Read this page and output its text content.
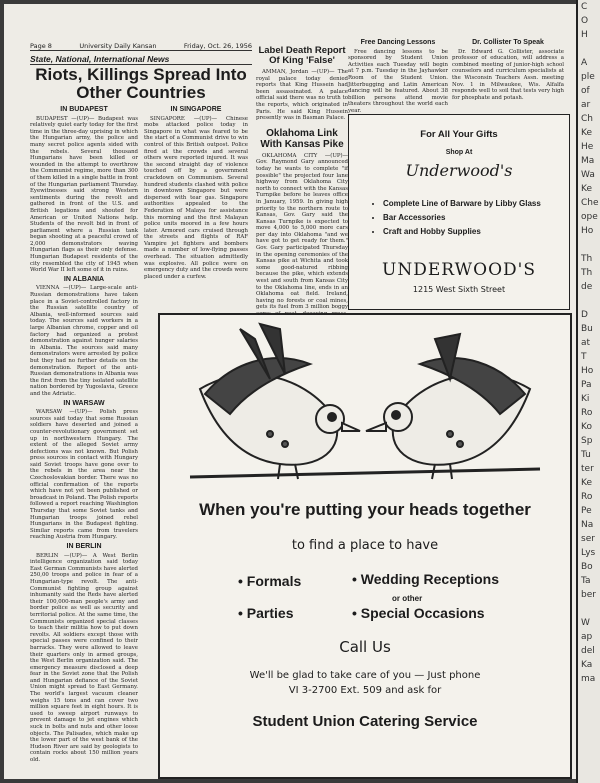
Page 8	University Daily Kansan	Friday, Oct. 26, 1956
State, National, International News
Riots, Killings Spread Into Other Countries
IN BUDAPEST

BUDAPEST —(UP)— Budapest was relatively quiet early today for the first time in the three-day uprising in which the Hungarian army, the police and many secret police agents sided with the rebels. Several thousand Hungarians have been killed or wounded in the attempt to overthrow the Communist regime, more than 300 of them killed in a single battle in front of the Hungarian parliament Thursday. Eyewitnesses said strong Western sentiments during the revolt and gathered in front of the U.S. and British legations and shouted for American or United Nations help. Students of the revolt bid in front of parliament where a Russian tank began shooting at a peaceful crowd of 2,000 demonstrators waving Hungarian flags as their only defense. Hungarian Budapest residents of the city resembled the city of 1945 when World War II left some of it in ruins.

IN ALBANIA

VIENNA —(UP)— Large-scale anti-Russian demonstrations have taken place in a Soviet-controlled factory in the Russian satellite country of Albania, well-informed sources said today. The sources said workers in a large Albanian chrome, copper and oil factory had organized a protest demonstration against hunger salaries in Albania. The sources said many demonstrators were arrested by police but they had no further details on the demonstration. Report of the anti-Russian demonstrations in Albania was the first from the tiny isolated satellite nation bordered by Yugoslavia, Greece and the Adriatic.

IN WARSAW

WARSAW —(UP)— Polish press sources said today that some Russian soldiers have deserted and joined a counter-revolutionary government set up in northwestern Hungary. The extent of the alleged Soviet army defections was not known. But Polish press sources in contact with Hungary said Soviet troops have gone over to the rebels in the area near the Czechoslovakian border. There was no official confirmation of the reports which have not yet been published or broadcast in Poland. The Polish reports followed a report reaching Washington Thursday that some Soviet tanks and Hungarian troops joined rebel Hungarians in the Budapest fighting. Similar reports came from travelers reaching Austria from Hungary.

IN BERLIN

BERLIN —(UP)— A West Berlin intelligence organization said today East German Communists have alerted 250,00 troops and police in fear of a Hungarian-type revolt. The anti-Communist fighting group against inhumanity said the Reds have alerted their 100,000-man people's army and border police as well as security and territorial police. At the same time, the Communists organized special classes to teach their militia how to put down revolts. All soldiers except those with special passes were confined to their barracks. They were allowed to leave their quarters only in armed groups, the West Berlin organization said. The emergency measure disclosed a deep fear in the Soviet zone that the Polish and Hungarian defiance of the Soviet Union might spread to East Germany. The world's largest vacuum cleaner weighs 15 tons and can cover two million square feet in eight hours. It is used to sweep airport runways to prevent damage to jet engines which suck in bolts and nuts and other loose objects. The Palisades, which make up the lower part of the west bank of the Hudson River are said by geologists to contain rocks about 150 million years old.

IN SINGAPORE

SINGAPORE —(UP)— Chinese mobs attacked police today in Singapore in what was feared to be the start of a Communist drive to win control of this British outpost. Police fired at the crowds and several others were reported injured. It was the second straight day of violence touched off by a government crackdown on Communism. Several hundred students clashed with police in downtown Singapore but were dispersed with tear gas. Singapore authorities appealed to the Federation of Malaya for assistance this morning and the first Malayan police units moored in a few hours later. Armored cars cruised through the streets and flights of RAF Vampire jet fighters and bombers made a number of low-flying passes overhead. The situation admittedly was explosive. All police were on emergency duty and the crowds were placed under a curfew.

Label Death Report Of King 'False'

AMMAN, Jordan —(UP)— The royal palace today denied reports that King Hussein had been assassinated. A palace official said there was no truth to the reports, which originated in Paris. He said King Hussein presently was in Basman Palace.

Oklahoma Link With Kansas Pike

OKLAHOMA CITY —(UP)— Gov. Raymond Gary announced today he wants to complete "if possible" the projected four lane highway from Oklahoma City north to connect with the Kansas Turnpike before he leaves office in January, 1959. In giving high priority to the northern route to Kansas, Gov. Gary said the Kansas Turnpike is expected to move 4,000 to 5,000 more cars per day into Oklahoma "and we have got to get ready for them." Gov. Gary participated Thursday in the opening ceremonies of the Kansas pike at Wichita and took some good-natured ribbing because the pike, which extends west and south from Kansas City to the Oklahoma line, ends in an Oklahoma oat field. Ireland, having no forests or coal mines, gets its fuel from 3 million boggy

Free Dancing Lessons

Free dancing lessons to be sponsored by Student Union Activities each Tuesday will begin at 7 p.m. Tuesday in the Jayhawker Room of the Student Union. Jitterbugging and Latin American dancing will be featured. About 38 billion persons attend movie theaters throughout the world each year.

Dr. Collister To Speak

Dr. Edward G. Collister, associate professor of education, will address a combined meeting of junior-high school counselors and curriculum specialists at the Wisconsin Teachers Assn. meeting Nov. 1 in Milwaukee, Wis. Alfalfa responds well to soil that tests very high for phosphate and potash.

For All Your Gifts
Shop At
Underwood's
• Complete Line of Barware by Libby Glass
• Bar Accessories
• Craft and Hobby Supplies
UNDERWOOD'S
1215 West Sixth Street
When you're putting your heads together
to find a place to have
• Formals
• Parties
• Wedding Receptions
or other
• Special Occasions
Call Us
We'll be glad to take care of you — Just phone
VI 3-2700 Ext. 509 and ask for
Student Union Catering Service
C
O
H

A
ple
of
ar
Ch
Ke
He
Ma
Wa
Ke
Che
ope
Ho

Th
Th
de

D
Bu
at
T
Ho
Pa
Ki
Ro
Ko
Sp
Tu
ter
Ke
Ro
Pe
Na
ser
Lys
Bo
Ta
ber

W
ap
del
Ka
ma
